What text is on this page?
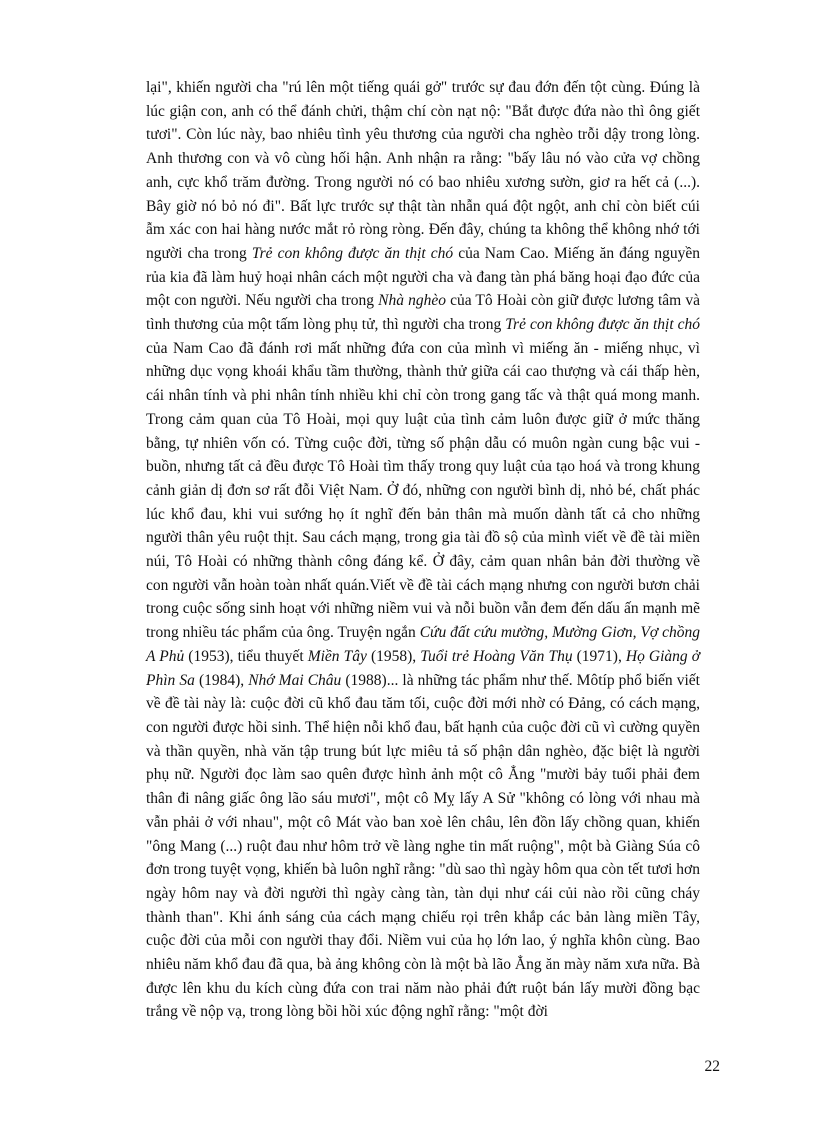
lại", khiến người cha "rú lên một tiếng quái gở" trước sự đau đớn đến tột cùng. Đúng là lúc giận con, anh có thể đánh chửi, thậm chí còn nạt nộ: "Bắt được đứa nào thì ông giết tươi". Còn lúc này, bao nhiêu tình yêu thương của người cha nghèo trỗi dậy trong lòng. Anh thương con và vô cùng hối hận. Anh nhận ra rằng: "bấy lâu nó vào cửa vợ chồng anh, cực khổ trăm đường. Trong người nó có bao nhiêu xương sườn, giơ ra hết cả (...). Bây giờ nó bỏ nó đi". Bất lực trước sự thật tàn nhẫn quá đột ngột, anh chỉ còn biết cúi ẫm xác con hai hàng nước mắt rỏ ròng ròng. Đến đây, chúng ta không thể không nhớ tới người cha trong Trẻ con không được ăn thịt chó của Nam Cao. Miếng ăn đáng nguyền rủa kia đã làm huỷ hoại nhân cách một người cha và đang tàn phá băng hoại đạo đức của một con người. Nếu người cha trong Nhà nghèo của Tô Hoài còn giữ được lương tâm và tình thương của một tấm lòng phụ tử, thì người cha trong Trẻ con không được ăn thịt chó của Nam Cao đã đánh rơi mất những đứa con của mình vì miếng ăn - miếng nhục, vì những dục vọng khoái khẩu tầm thường, thành thử giữa cái cao thượng và cái thấp hèn, cái nhân tính và phi nhân tính nhiều khi chỉ còn trong gang tấc và thật quá mong manh. Trong cảm quan của Tô Hoài, mọi quy luật của tình cảm luôn được giữ ở mức thăng bằng, tự nhiên vốn có. Từng cuộc đời, từng số phận dẫu có muôn ngàn cung bậc vui - buồn, nhưng tất cả đều được Tô Hoài tìm thấy trong quy luật của tạo hoá và trong khung cảnh giản dị đơn sơ rất đỗi Việt Nam. Ở đó, những con người bình dị, nhỏ bé, chất phác lúc khổ đau, khi vui sướng họ ít nghĩ đến bản thân mà muốn dành tất cả cho những người thân yêu ruột thịt. Sau cách mạng, trong gia tài đồ sộ của mình viết về đề tài miền núi, Tô Hoài có những thành công đáng kể. Ở đây, cảm quan nhân bản đời thường về con người vẫn hoàn toàn nhất quán.Viết về đề tài cách mạng nhưng con người bươn chải trong cuộc sống sinh hoạt với những niềm vui và nỗi buồn vẫn đem đến dấu ấn mạnh mẽ trong nhiều tác phẩm của ông. Truyện ngắn Cứu đất cứu mường, Mường Giơn, Vợ chồng A Phủ (1953), tiểu thuyết Miền Tây (1958), Tuổi trẻ Hoàng Văn Thụ (1971), Họ Giàng ở Phìn Sa (1984), Nhớ Mai Châu (1988)... là những tác phẩm như thế. Môtíp phổ biến viết về đề tài này là: cuộc đời cũ khổ đau tăm tối, cuộc đời mới nhờ có Đảng, có cách mạng, con người được hồi sinh. Thể hiện nỗi khổ đau, bất hạnh của cuộc đời cũ vì cường quyền và thần quyền, nhà văn tập trung bút lực miêu tả số phận dân nghèo, đặc biệt là người phụ nữ. Người đọc làm sao quên được hình ảnh một cô Ẳng "mười bảy tuổi phải đem thân đi nâng giấc ông lão sáu mươi", một cô Mỵ lấy A Sử "không có lòng với nhau mà vẫn phải ở với nhau", một cô Mát vào ban xoè lên châu, lên đồn lấy chồng quan, khiến "ông Mang (...) ruột đau như hôm trở về làng nghe tin mất ruộng", một bà Giàng Súa cô đơn trong tuyệt vọng, khiến bà luôn nghĩ rằng: "dù sao thì ngày hôm qua còn tết tươi hơn ngày hôm nay và đời người thì ngày càng tàn, tàn dụi như cái củi nào rồi cũng cháy thành than". Khi ánh sáng của cách mạng chiếu rọi trên khắp các bản làng miền Tây, cuộc đời của mỗi con người thay đổi. Niềm vui của họ lớn lao, ý nghĩa khôn cùng. Bao nhiêu năm khổ đau đã qua, bà ảng không còn là một bà lão Ẳng ăn mày năm xưa nữa. Bà được lên khu du kích cùng đứa con trai năm nào phải đứt ruột bán lấy mười đồng bạc trắng về nộp vạ, trong lòng bồi hồi xúc động nghĩ rằng: "một đời

22
